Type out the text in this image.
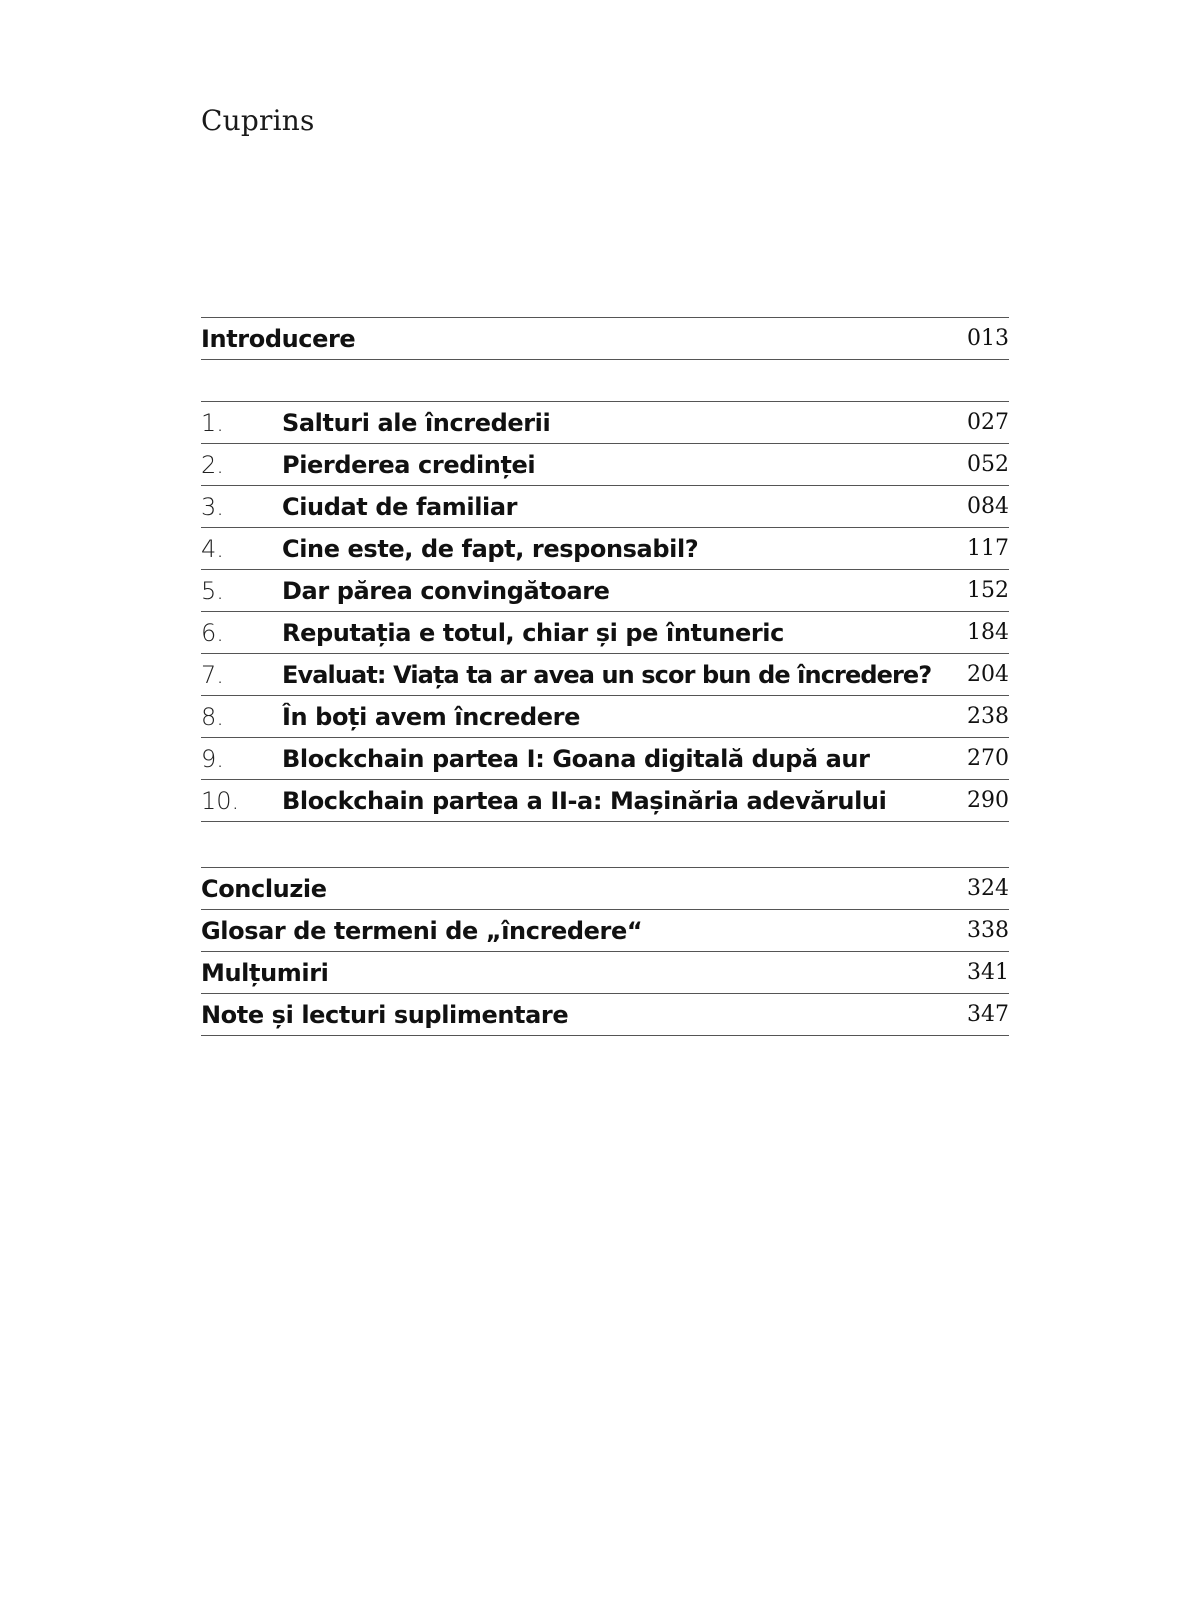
Cuprins
Introducere	013
1.	Salturi ale încrederii	027
2.	Pierderea credinței	052
3.	Ciudat de familiar	084
4.	Cine este, de fapt, responsabil?	117
5.	Dar părea convingătoare	152
6.	Reputația e totul, chiar și pe întuneric	184
7.	Evaluat: Viața ta ar avea un scor bun de încredere?	204
8.	În boți avem încredere	238
9.	Blockchain partea I: Goana digitală după aur	270
10.	Blockchain partea a II-a: Mașinăria adevărului	290
Concluzie	324
Glosar de termeni de „încredere“	338
Mulțumiri	341
Note și lecturi suplimentare	347
